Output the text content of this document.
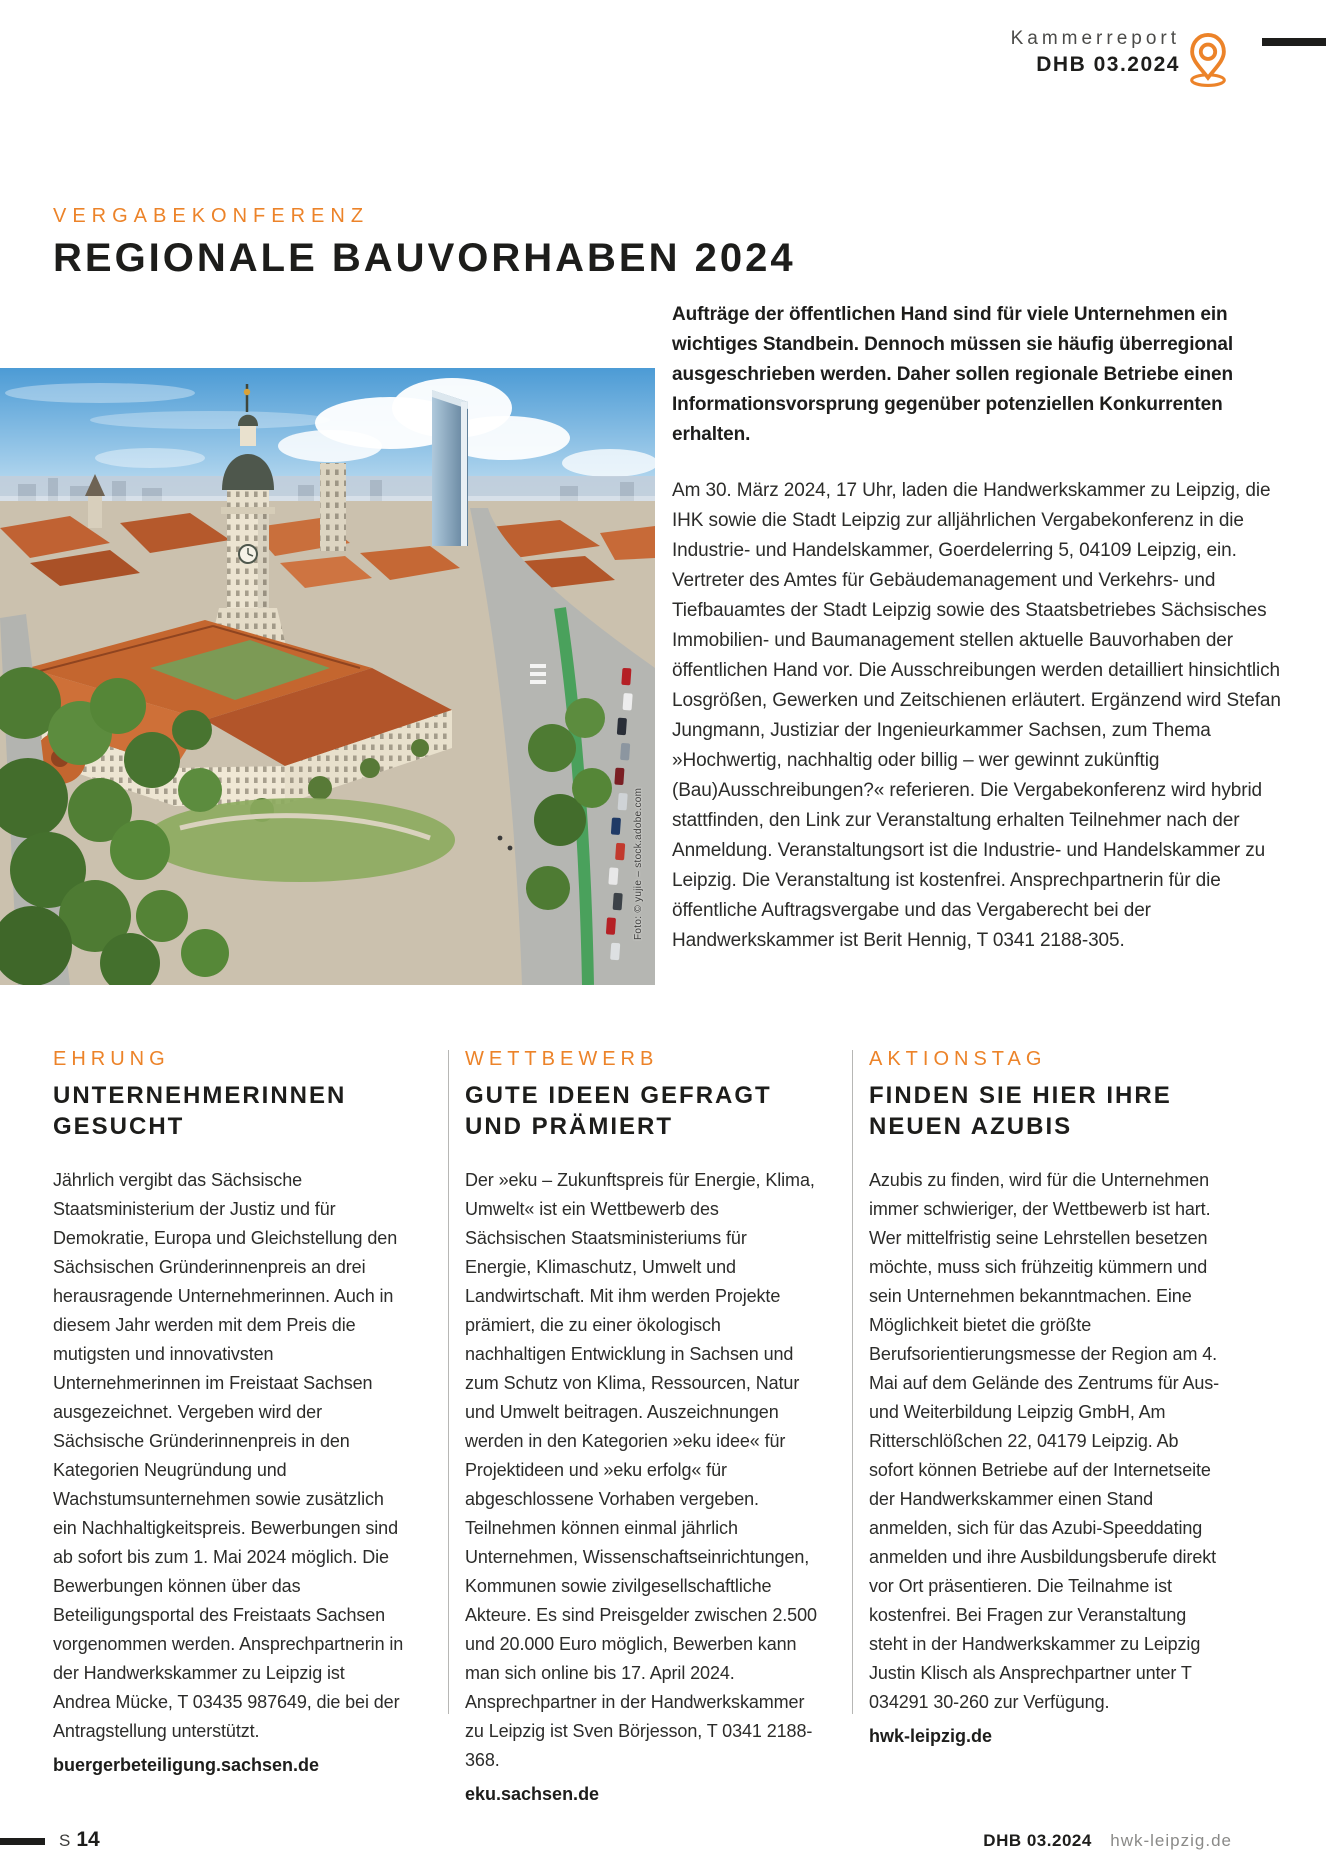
Kammerreport
DHB 03.2024
VERGABEKONFERENZ
REGIONALE BAUVORHABEN 2024
Foto: © yujie – stock.adobe.com

Aufträge der öffentlichen Hand sind für viele Unternehmen ein wichtiges Standbein. Dennoch müssen sie häufig überregional ausgeschrieben werden. Daher sollen regionale Betriebe einen Informationsvorsprung gegenüber potenziellen Konkurrenten erhalten.

Am 30. März 2024, 17 Uhr, laden die Handwerkskammer zu Leipzig, die IHK sowie die Stadt Leipzig zur alljährlichen Vergabekonferenz in die Industrie- und Handelskammer, Goerdelerring 5, 04109 Leipzig, ein. Vertreter des Amtes für Gebäudemanagement und Verkehrs- und Tiefbauamtes der Stadt Leipzig sowie des Staatsbetriebes Sächsisches Immobilien- und Baumanagement stellen aktuelle Bauvorhaben der öffentlichen Hand vor. Die Ausschreibungen werden detailliert hinsichtlich Losgrößen, Gewerken und Zeitschienen erläutert. Ergänzend wird Stefan Jungmann, Justiziar der Ingenieurkammer Sachsen, zum Thema »Hochwertig, nachhaltig oder billig – wer gewinnt zukünftig (Bau)Ausschreibungen?« referieren. Die Vergabekonferenz wird hybrid stattfinden, den Link zur Veranstaltung erhalten Teilnehmer nach der Anmeldung. Veranstaltungsort ist die Industrie- und Handelskammer zu Leipzig. Die Veranstaltung ist kostenfrei. Ansprechpartnerin für die öffentliche Auftragsvergabe und das Vergaberecht bei der Handwerkskammer ist Berit Hennig, T 0341 2188-305.

EHRUNG
UNTERNEHMERINNEN GESUCHT

Jährlich vergibt das Sächsische Staatsministerium der Justiz und für Demokratie, Europa und Gleichstellung den Sächsischen Gründerinnenpreis an drei herausragende Unternehmerinnen. Auch in diesem Jahr werden mit dem Preis die mutigsten und innovativsten Unternehmerinnen im Freistaat Sachsen ausgezeichnet. Vergeben wird der Sächsische Gründerinnenpreis in den Kategorien Neugründung und Wachstumsunternehmen sowie zusätzlich ein Nachhaltigkeitspreis. Bewerbungen sind ab sofort bis zum 1. Mai 2024 möglich. Die Bewerbungen können über das Beteiligungsportal des Freistaats Sachsen vorgenommen werden. Ansprechpartnerin in der Handwerkskammer zu Leipzig ist Andrea Mücke, T 03435 987649, die bei der Antragstellung unterstützt.

buergerbeteiligung.sachsen.de
WETTBEWERB
GUTE IDEEN GEFRAGT UND PRÄMIERT

Der »eku – Zukunftspreis für Energie, Klima, Umwelt« ist ein Wettbewerb des Sächsischen Staatsministeriums für Energie, Klimaschutz, Umwelt und Landwirtschaft. Mit ihm werden Projekte prämiert, die zu einer ökologisch nachhaltigen Entwicklung in Sachsen und zum Schutz von Klima, Ressourcen, Natur und Umwelt beitragen. Auszeichnungen werden in den Kategorien »eku idee« für Projektideen und »eku erfolg« für abgeschlossene Vorhaben vergeben. Teilnehmen können einmal jährlich Unternehmen, Wissenschaftseinrichtungen, Kommunen sowie zivilgesellschaftliche Akteure. Es sind Preisgelder zwischen 2.500 und 20.000 Euro möglich, Bewerben kann man sich online bis 17. April 2024. Ansprechpartner in der Handwerkskammer zu Leipzig ist Sven Börjesson, T 0341 2188-368.

eku.sachsen.de
AKTIONSTAG
FINDEN SIE HIER IHRE NEUEN AZUBIS

Azubis zu finden, wird für die Unternehmen immer schwieriger, der Wettbewerb ist hart. Wer mittelfristig seine Lehrstellen besetzen möchte, muss sich frühzeitig kümmern und sein Unternehmen bekanntmachen. Eine Möglichkeit bietet die größte Berufsorientierungsmesse der Region am 4. Mai auf dem Gelände des Zentrums für Aus- und Weiterbildung Leipzig GmbH, Am Ritterschlößchen 22, 04179 Leipzig. Ab sofort können Betriebe auf der Internetseite der Handwerkskammer einen Stand anmelden, sich für das Azubi-Speeddating anmelden und ihre Ausbildungsberufe direkt vor Ort präsentieren. Die Teilnahme ist kostenfrei. Bei Fragen zur Veranstaltung steht in der Handwerkskammer zu Leipzig Justin Klisch als Ansprechpartner unter T 034291 30-260 zur Verfügung.

hwk-leipzig.de
S 14	DHB 03.2024 hwk-leipzig.de
